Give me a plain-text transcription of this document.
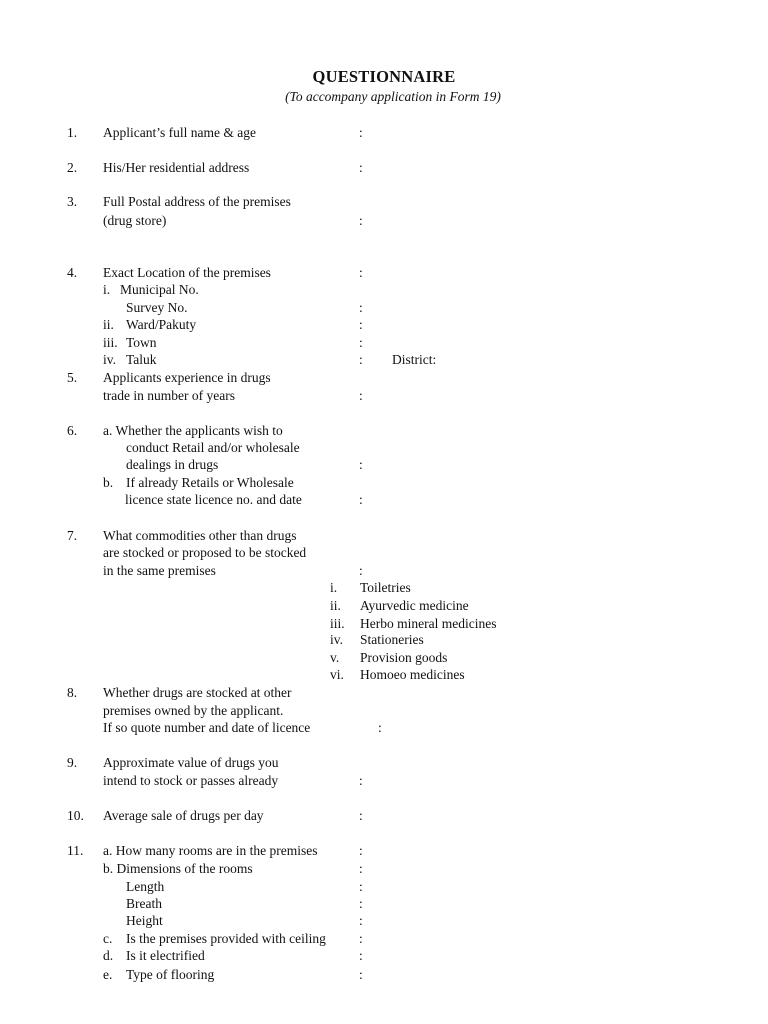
QUESTIONNAIRE
(To accompany application in Form 19)
1. Applicant’s full name & age	:
2. His/Her residential address	:
3. Full Postal address of the premises
(drug store)	:
4. Exact Location of the premises	:
i. Municipal No.
Survey No.	:
ii. Ward/Pakuty	:
iii. Town	:
iv. Taluk	: District:
5. Applicants experience in drugs
trade in number of years	:
6. a. Whether the applicants wish to
conduct Retail and/or wholesale
dealings in drugs	:
b. If already Retails or Wholesale
licence state licence no. and date	:
7. What commodities other than drugs
are stocked or proposed to be stocked
in the same premises	:
i. Toiletries
ii. Ayurvedic medicine
iii. Herbo mineral medicines
iv. Stationeries
v. Provision goods
vi. Homoeo medicines
8. Whether drugs are stocked at other
premises owned by the applicant.
If so quote number and date of licence	:
9. Approximate value of drugs you
intend to stock or passes already	:
10. Average sale of drugs per day	:
11. a. How many rooms are in the premises	:
b. Dimensions of the rooms	:
Length	:
Breath	:
Height	:
c. Is the premises provided with ceiling :
d. Is it electrified	:
e. Type of flooring	:
